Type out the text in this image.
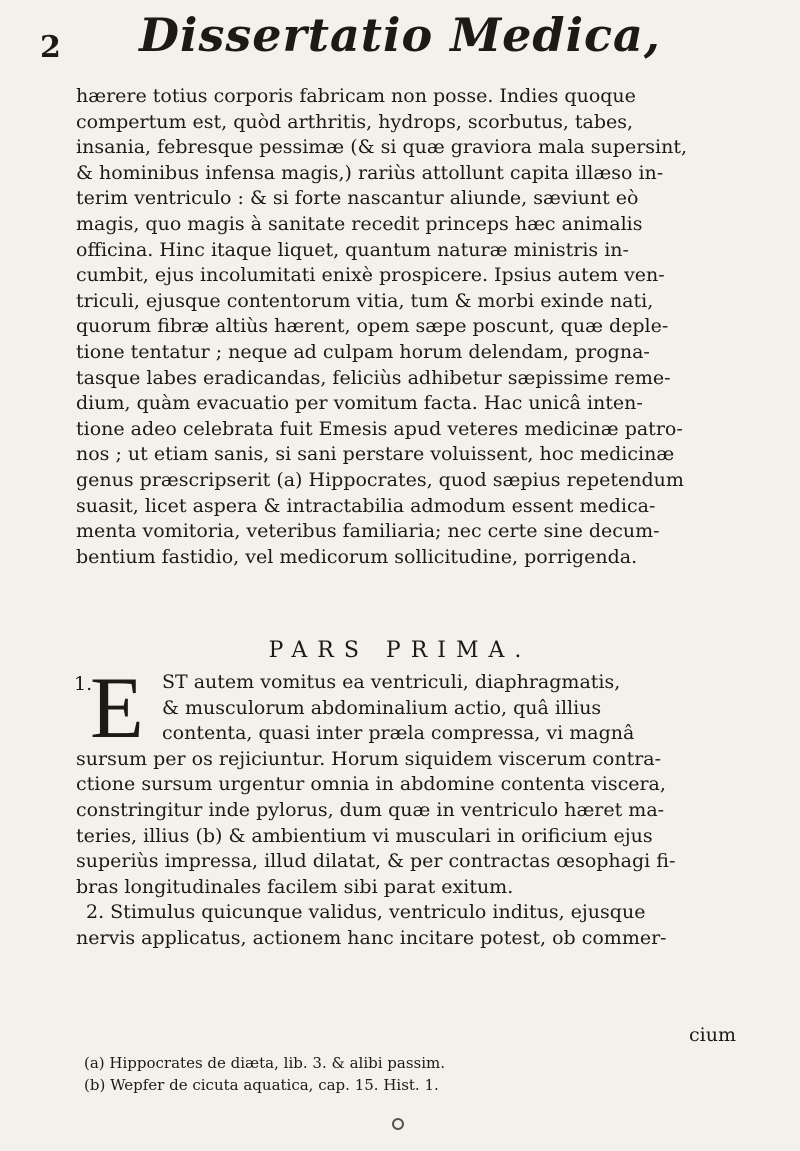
2	Dissertatio Medica,

hærere totius corporis fabricam non posse. Indies quoque
compertum est, quòd arthritis, hydrops, scorbutus, tabes,
insania, febresque pessimæ (& si quæ graviora mala supersint,
& hominibus infensa magis,) rariùs attollunt capita illæso in-
terim ventriculo : & si forte nascantur aliunde, sæviunt eò
magis, quo magis à sanitate recedit princeps hæc animalis
officina. Hinc itaque liquet, quantum naturæ ministris in-
cumbit, ejus incolumitati enixè prospicere. Ipsius autem ven-
triculi, ejusque contentorum vitia, tum & morbi exinde nati,
quorum fibræ altiùs hærent, opem sæpe poscunt, quæ deple-
tione tentatur ; neque ad culpam horum delendam, progna-
tasque labes eradicandas, feliciùs adhibetur sæpissime reme-
dium, quàm evacuatio per vomitum facta. Hac unicâ inten-
tione adeo celebrata fuit Emesis apud veteres medicinæ patro-
nos ; ut etiam sanis, si sani perstare voluissent, hoc medicinæ
genus præscripserit (a) Hippocrates, quod sæpius repetendum
suasit, licet aspera & intractabilia admodum essent medica-
menta vomitoria, veteribus familiaria; nec certe sine decum-
bentium fastidio, vel medicorum sollicitudine, porrigenda.

PARS PRIMA.
1.
E ST autem vomitus ea ventriculi, diaphragmatis,
& musculorum abdominalium actio, quâ illius
contenta, quasi inter præla compressa, vi magnâ
sursum per os rejiciuntur. Horum siquidem viscerum contra-
ctione sursum urgentur omnia in abdomine contenta viscera,
constringitur inde pylorus, dum quæ in ventriculo hæret ma-
teries, illius (b) & ambientium vi musculari in orificium ejus
superiùs impressa, illud dilatat, & per contractas œsophagi fi-
bras longitudinales facilem sibi parat exitum.
2. Stimulus quicunque validus, ventriculo inditus, ejusque
nervis applicatus, actionem hanc incitare potest, ob commer-
cium
(a) Hippocrates de diæta, lib. 3. & alibi passim.
(b) Wepfer de cicuta aquatica, cap. 15. Hist. 1.
